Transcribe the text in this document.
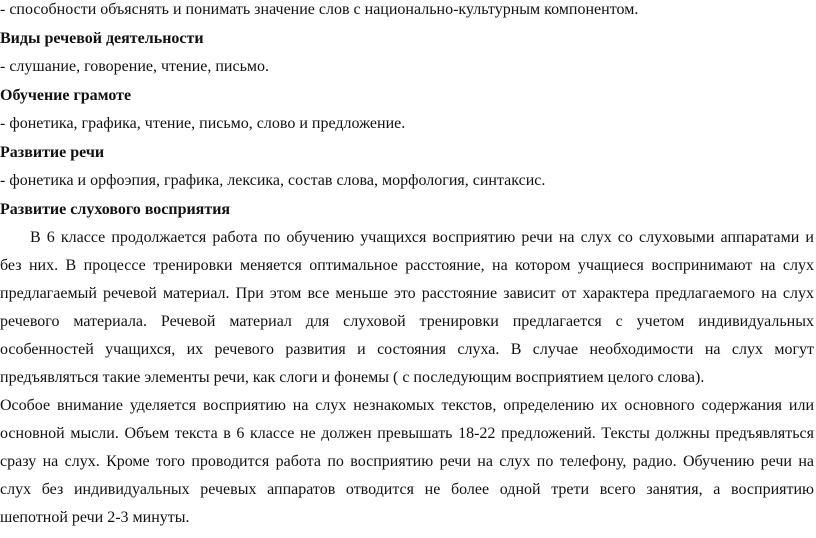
- способности объяснять и понимать значение слов с национально-культурным компонентом.
Виды речевой деятельности
- слушание, говорение, чтение, письмо.
Обучение грамоте
- фонетика, графика, чтение, письмо, слово и предложение.
Развитие речи
- фонетика и орфоэпия, графика, лексика, состав слова, морфология, синтаксис.
Развитие слухового восприятия
В 6 классе продолжается работа по обучению учащихся восприятию речи на слух со слуховыми аппаратами и
без них. В процессе тренировки меняется оптимальное расстояние, на котором учащиеся воспринимают на слух
предлагаемый речевой материал. При этом все меньше это расстояние зависит от характера предлагаемого на слух
речевого материала. Речевой материал для слуховой тренировки предлагается с учетом индивидуальных
особенностей учащихся, их речевого развития и состояния слуха. В случае необходимости на слух могут
предъявляться такие элементы речи, как слоги и фонемы ( с последующим восприятием целого слова).
Особое внимание уделяется восприятию на слух незнакомых текстов, определению их основного содержания или
основной мысли. Объем текста в 6 классе не должен превышать 18-22 предложений. Тексты должны предъявляться
сразу на слух. Кроме того проводится работа по восприятию речи на слух по телефону, радио. Обучению речи на
слух без индивидуальных речевых аппаратов отводится не более одной трети всего занятия, а восприятию
шепотной речи 2-3 минуты.
